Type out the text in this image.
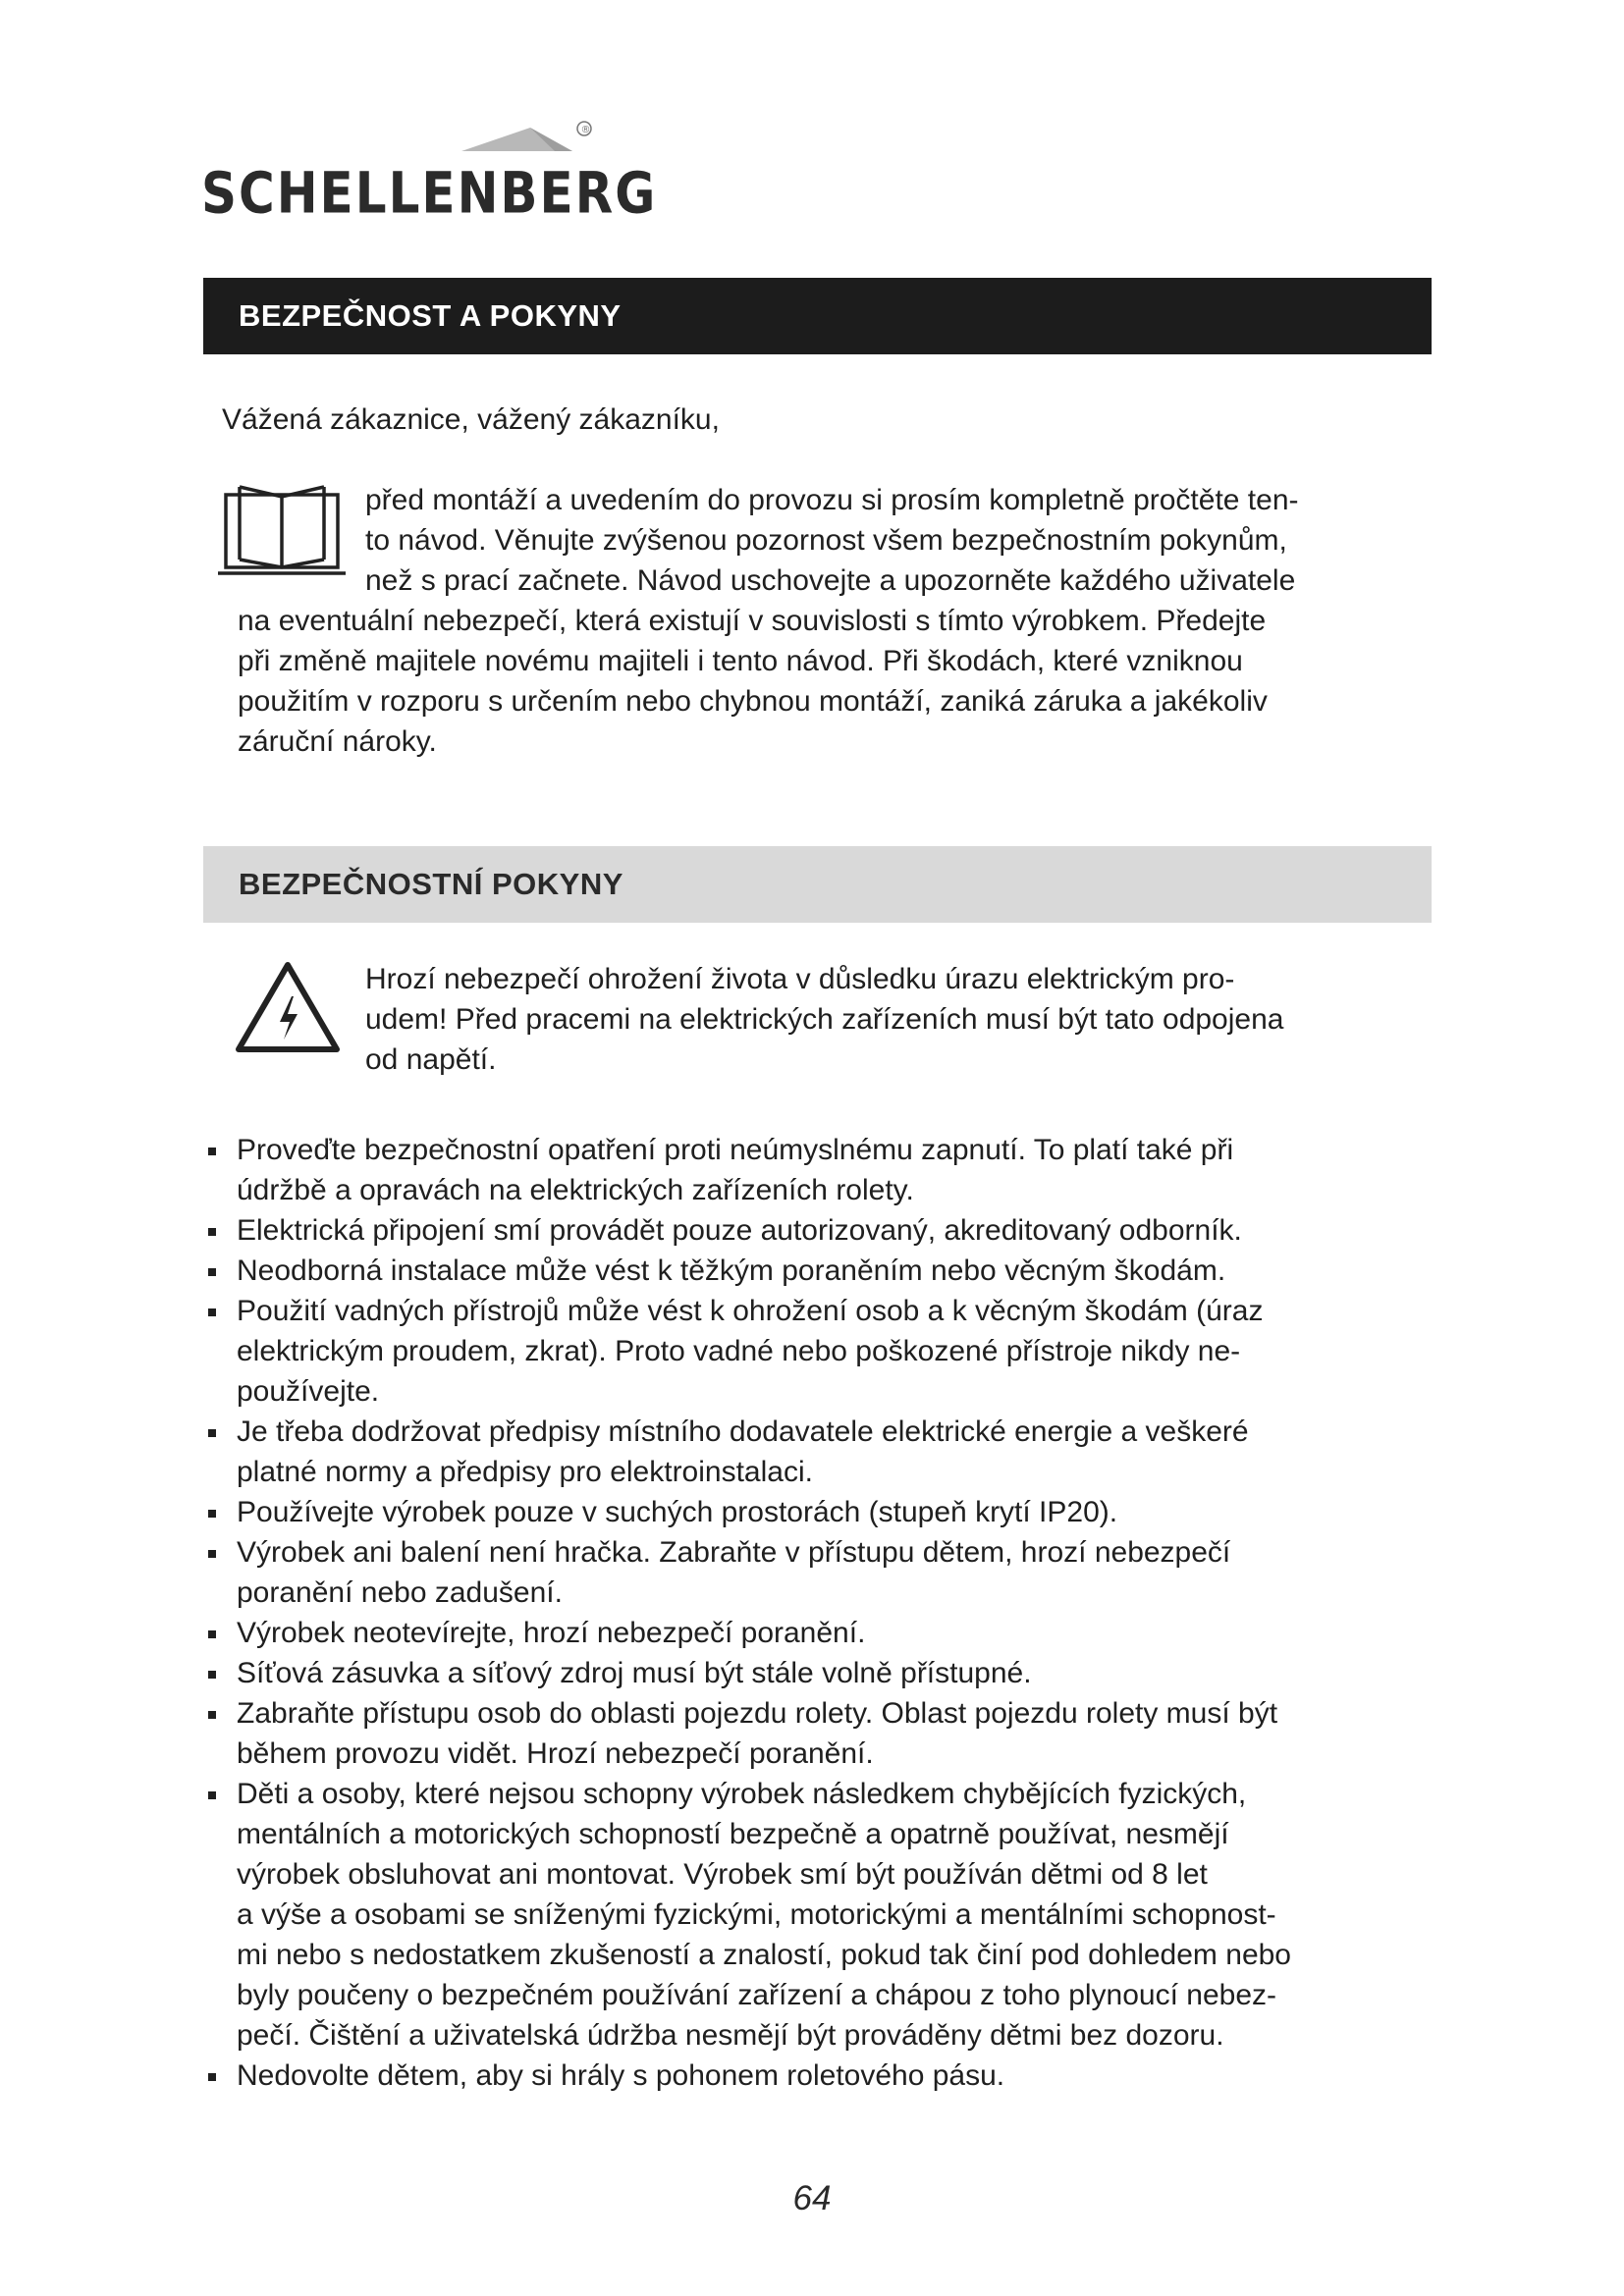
®
SCHELLENBERG
BEZPEČNOST A POKYNY
Vážená zákaznice, vážený zákazníku,
před montáží a uvedením do provozu si prosím kompletně pročtěte ten-
to návod. Věnujte zvýšenou pozornost všem bezpečnostním pokynům,
než s prací začnete. Návod uschovejte a upozorněte každého uživatele
na eventuální nebezpečí, která existují v souvislosti s tímto výrobkem. Předejte
při změně majitele novému majiteli i tento návod. Při škodách, které vzniknou
použitím v rozporu s určením nebo chybnou montáží, zaniká záruka a jakékoliv
záruční nároky.
BEZPEČNOSTNÍ POKYNY
Hrozí nebezpečí ohrožení života v důsledku úrazu elektrickým pro-
udem! Před pracemi na elektrických zařízeních musí být tato odpojena
od napětí.
Proveďte bezpečnostní opatření proti neúmyslnému zapnutí. To platí také při
údržbě a opravách na elektrických zařízeních rolety.
Elektrická připojení smí provádět pouze autorizovaný, akreditovaný odborník.
Neodborná instalace může vést k těžkým poraněním nebo věcným škodám.
Použití vadných přístrojů může vést k ohrožení osob a k věcným škodám (úraz
elektrickým proudem, zkrat). Proto vadné nebo poškozené přístroje nikdy ne-
používejte.
Je třeba dodržovat předpisy místního dodavatele elektrické energie a veškeré
platné normy a předpisy pro elektroinstalaci.
Používejte výrobek pouze v suchých prostorách (stupeň krytí IP20).
Výrobek ani balení není hračka. Zabraňte v přístupu dětem, hrozí nebezpečí
poranění nebo zadušení.
Výrobek neotevírejte, hrozí nebezpečí poranění.
Síťová zásuvka a síťový zdroj musí být stále volně přístupné.
Zabraňte přístupu osob do oblasti pojezdu rolety. Oblast pojezdu rolety musí být
během provozu vidět. Hrozí nebezpečí poranění.
Děti a osoby, které nejsou schopny výrobek následkem chybějících fyzických,
mentálních a motorických schopností bezpečně a opatrně používat, nesmějí
výrobek obsluhovat ani montovat. Výrobek smí být používán dětmi od 8 let
a výše a osobami se sníženými fyzickými, motorickými a mentálními schopnost-
mi nebo s nedostatkem zkušeností a znalostí, pokud tak činí pod dohledem nebo
byly poučeny o bezpečném používání zařízení a chápou z toho plynoucí nebez-
pečí. Čištění a uživatelská údržba nesmějí být prováděny dětmi bez dozoru.
Nedovolte dětem, aby si hrály s pohonem roletového pásu.
64
